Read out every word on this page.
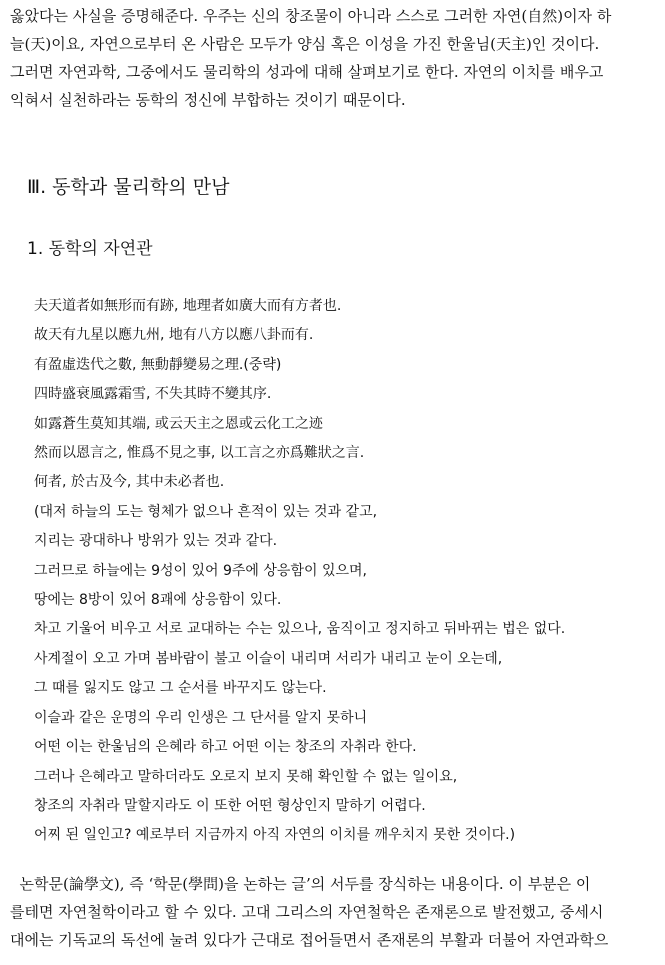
옳았다는 사실을 증명해준다. 우주는 신의 창조물이 아니라 스스로 그러한 자연(自然)이자 하

늘(天)이요, 자연으로부터 온 사람은 모두가 양심 혹은 이성을 가진 한울님(天主)인 것이다.

그러면 자연과학, 그중에서도 물리학의 성과에 대해 살펴보기로 한다. 자연의 이치를 배우고

익혀서 실천하라는 동학의 정신에 부합하는 것이기 때문이다.

Ⅲ. 동학과 물리학의 만남
1. 동학의 자연관
夫天道者如無形而有跡, 地理者如廣大而有方者也.
故天有九星以應九州, 地有八方以應八卦而有.
有盈虛迭代之數, 無動靜變易之理.(중략)
四時盛衰風露霜雪, 不失其時不變其序.
如露蒼生莫知其端, 或云天主之恩或云化工之迹
然而以恩言之, 惟爲不見之事, 以工言之亦爲難狀之言.
何者, 於古及今, 其中未必者也.
(대저 하늘의 도는 형체가 없으나 흔적이 있는 것과 같고,
지리는 광대하나 방위가 있는 것과 같다.
그러므로 하늘에는 9성이 있어 9주에 상응함이 있으며,
땅에는 8방이 있어 8괘에 상응함이 있다.
차고 기울어 비우고 서로 교대하는 수는 있으나, 움직이고 정지하고 뒤바뀌는 법은 없다.
사계절이 오고 가며 봄바람이 불고 이슬이 내리며 서리가 내리고 눈이 오는데,
그 때를 잃지도 않고 그 순서를 바꾸지도 않는다.
이슬과 같은 운명의 우리 인생은 그 단서를 알지 못하니
어떤 이는 한울님의 은혜라 하고 어떤 이는 창조의 자취라 한다.
그러나 은혜라고 말하더라도 오로지 보지 못해 확인할 수 없는 일이요,
창조의 자취라 말할지라도 이 또한 어떤 형상인지 말하기 어렵다.
어찌 된 일인고? 예로부터 지금까지 아직 자연의 이치를 깨우치지 못한 것이다.)

논학문(論學文), 즉 ‘학문(學問)을 논하는 글’의 서두를 장식하는 내용이다. 이 부분은 이

를테면 자연철학이라고 할 수 있다. 고대 그리스의 자연철학은 존재론으로 발전했고, 중세시

대에는 기독교의 독선에 눌려 있다가 근대로 접어들면서 존재론의 부활과 더불어 자연과학으
